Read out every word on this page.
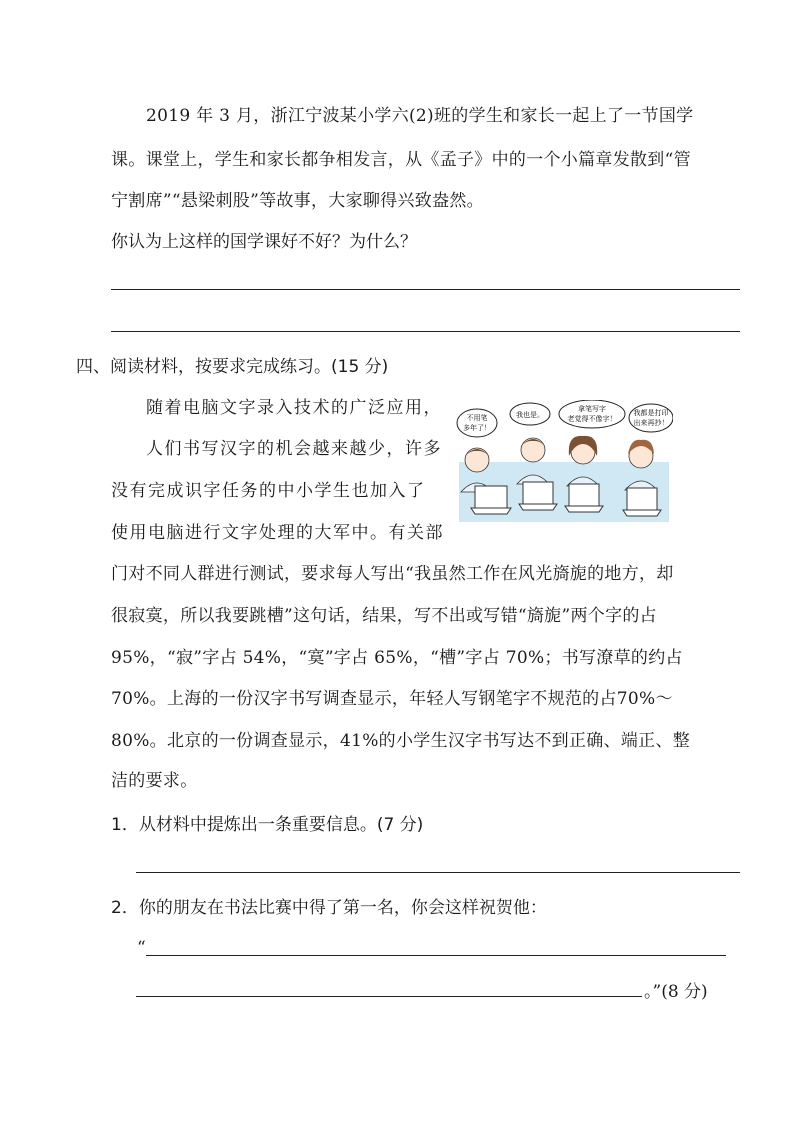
2019 年 3 月，浙江宁波某小学六(2)班的学生和家长一起上了一节国学
课。课堂上，学生和家长都争相发言，从《孟子》中的一个小篇章发散到“管
宁割席”“悬梁刺股”等故事，大家聊得兴致盎然。
你认为上这样的国学课好不好？为什么？
四、阅读材料，按要求完成练习。(15 分)
随着电脑文字录入技术的广泛应用，
人们书写汉字的机会越来越少，许多
没有完成识字任务的中小学生也加入了
使用电脑进行文字处理的大军中。有关部
门对不同人群进行测试，要求每人写出“我虽然工作在风光旖旎的地方，却
很寂寞，所以我要跳槽”这句话，结果，写不出或写错“旖旎”两个字的占
95%，“寂”字占 54%，“寞”字占 65%，“槽”字占 70%；书写潦草的约占
70%。上海的一份汉字书写调查显示，年轻人写钢笔字不规范的占70%～
80%。北京的一份调查显示，41%的小学生汉字书写达不到正确、端正、整
洁的要求。
不用笔
多年了！
我也是。
拿笔写字
老觉得不像字！
我都是打印
出来再抄！
1．从材料中提炼出一条重要信息。(7 分)
2．你的朋友在书法比赛中得了第一名，你会这样祝贺他：
“
。”(8 分)
